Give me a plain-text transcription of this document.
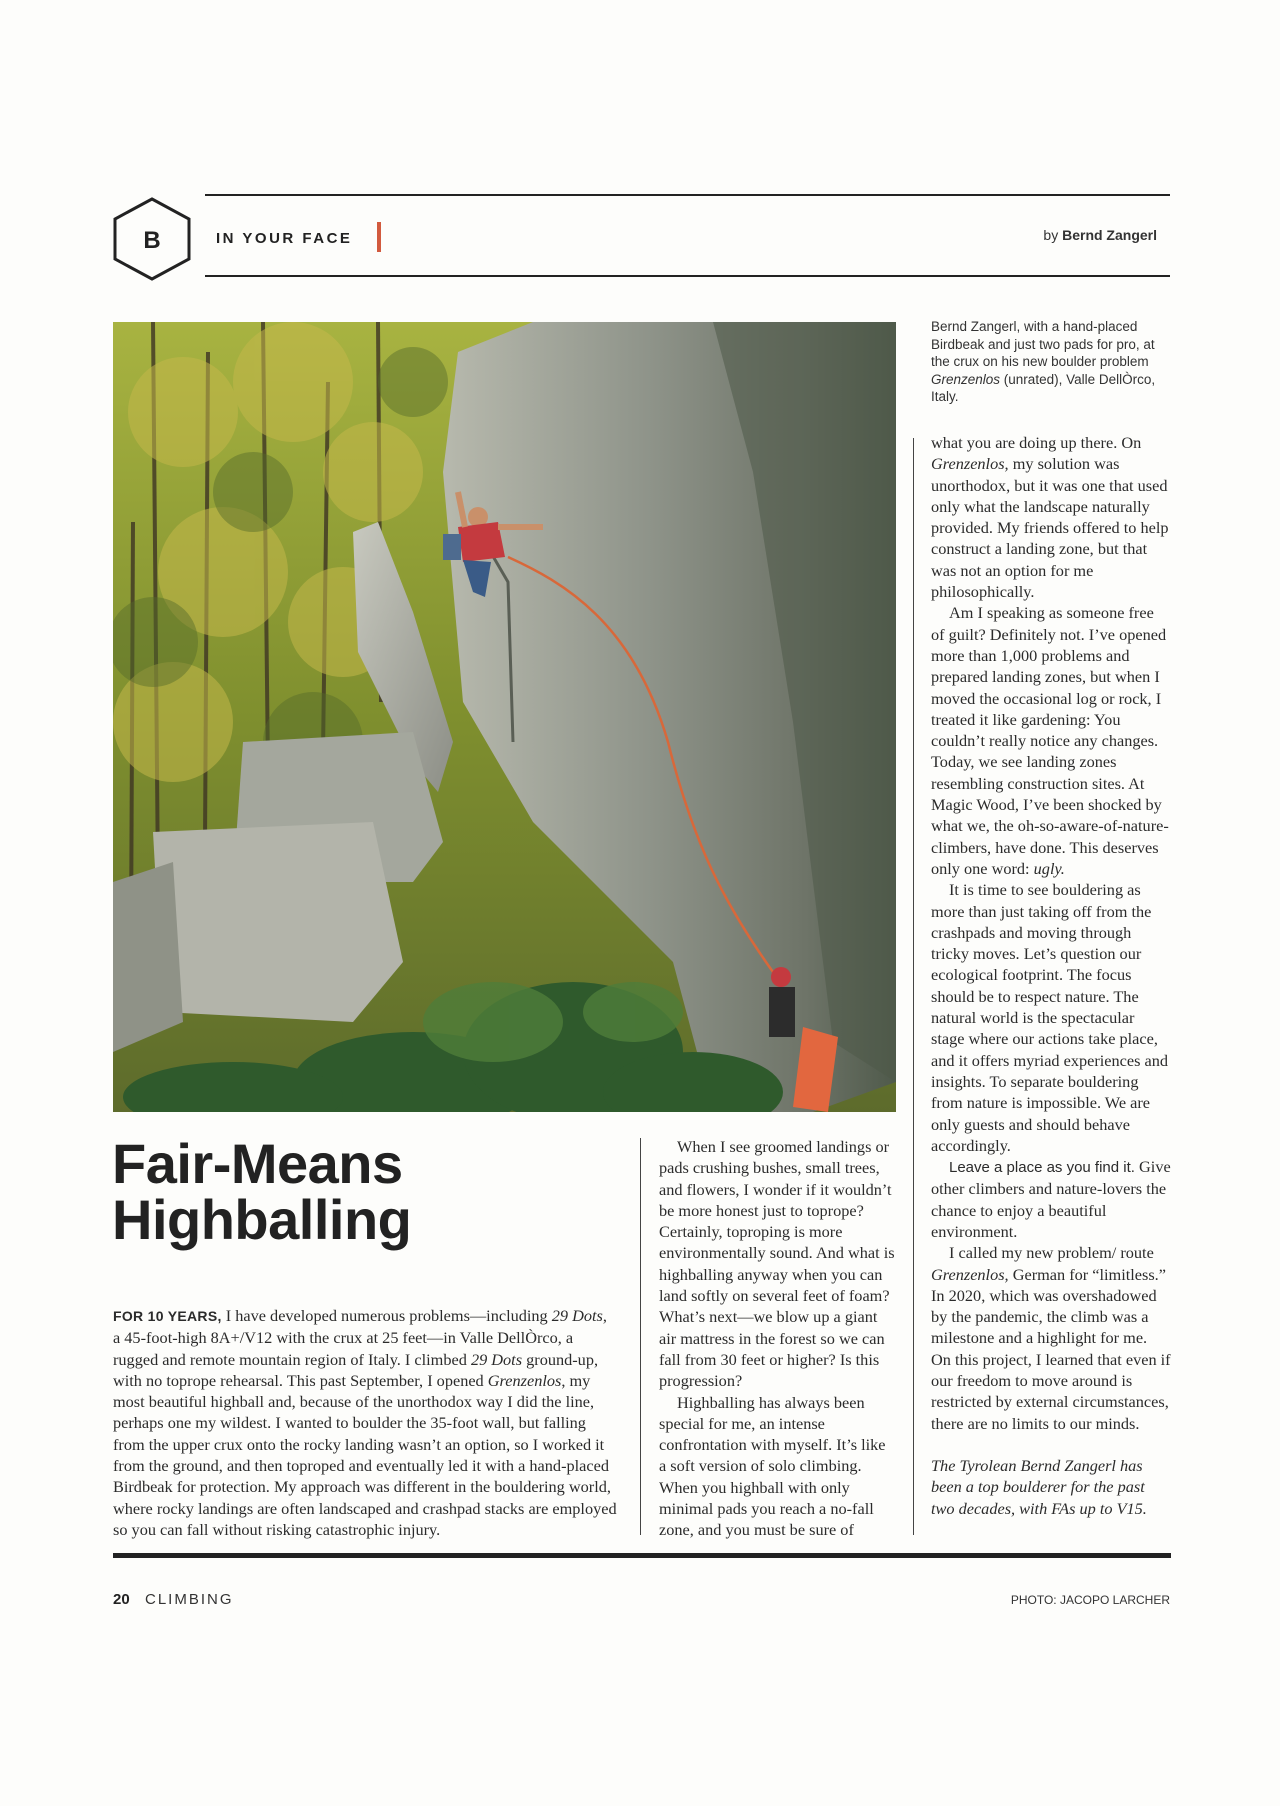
B	IN YOUR FACE	by Bernd Zangerl
Bernd Zangerl, with a hand-placed Birdbeak and just two pads for pro, at the crux on his new boulder problem Grenzenlos (unrated), Valle DellÒrco, Italy.
Fair-Means
Highballing

FOR 10 YEARS, I have developed numerous problems—including 29 Dots, a 45-foot-high 8A+/V12 with the crux at 25 feet—in Valle DellÒrco, a rugged and remote mountain region of Italy. I climbed 29 Dots ground-up, with no toprope rehearsal. This past September, I opened Grenzenlos, my most beautiful highball and, because of the unorthodox way I did the line, perhaps one my wildest. I wanted to boulder the 35-foot wall, but falling from the upper crux onto the rocky landing wasn’t an option, so I worked it from the ground, and then toproped and eventually led it with a hand-placed Birdbeak for protection. My approach was different in the bouldering world, where rocky landings are often landscaped and crashpad stacks are employed so you can fall without risking catastrophic injury.

When I see groomed landings or pads crushing bushes, small trees, and flowers, I wonder if it wouldn’t be more honest just to toprope? Certainly, toproping is more environmentally sound. And what is highballing anyway when you can land softly on several feet of foam? What’s next—we blow up a giant air mattress in the forest so we can fall from 30 feet or higher? Is this progression?

Highballing has always been special for me, an intense confrontation with myself. It’s like a soft version of solo climbing. When you highball with only minimal pads you reach a no-fall zone, and you must be sure of

what you are doing up there. On Grenzenlos, my solution was unorthodox, but it was one that used only what the landscape naturally provided. My friends offered to help construct a landing zone, but that was not an option for me philosophically.

Am I speaking as someone free of guilt? Definitely not. I’ve opened more than 1,000 problems and prepared landing zones, but when I moved the occasional log or rock, I treated it like gardening: You couldn’t really notice any changes. Today, we see landing zones resembling construction sites. At Magic Wood, I’ve been shocked by what we, the oh-so-aware-of-nature-climbers, have done. This deserves only one word: ugly.

It is time to see bouldering as more than just taking off from the crashpads and moving through tricky moves. Let’s question our ecological footprint. The focus should be to respect nature. The natural world is the spectacular stage where our actions take place, and it offers myriad experiences and insights. To separate bouldering from nature is impossible. We are only guests and should behave accordingly.

Leave a place as you find it. Give other climbers and nature-lovers the chance to enjoy a beautiful environment.

I called my new problem/ route Grenzenlos, German for “limitless.” In 2020, which was overshadowed by the pandemic, the climb was a milestone and a highlight for me. On this project, I learned that even if our freedom to move around is restricted by external circumstances, there are no limits to our minds.

The Tyrolean Bernd Zangerl has been a top boulderer for the past two decades, with FAs up to V15.

20 CLIMBING	PHOTO: JACOPO LARCHER
